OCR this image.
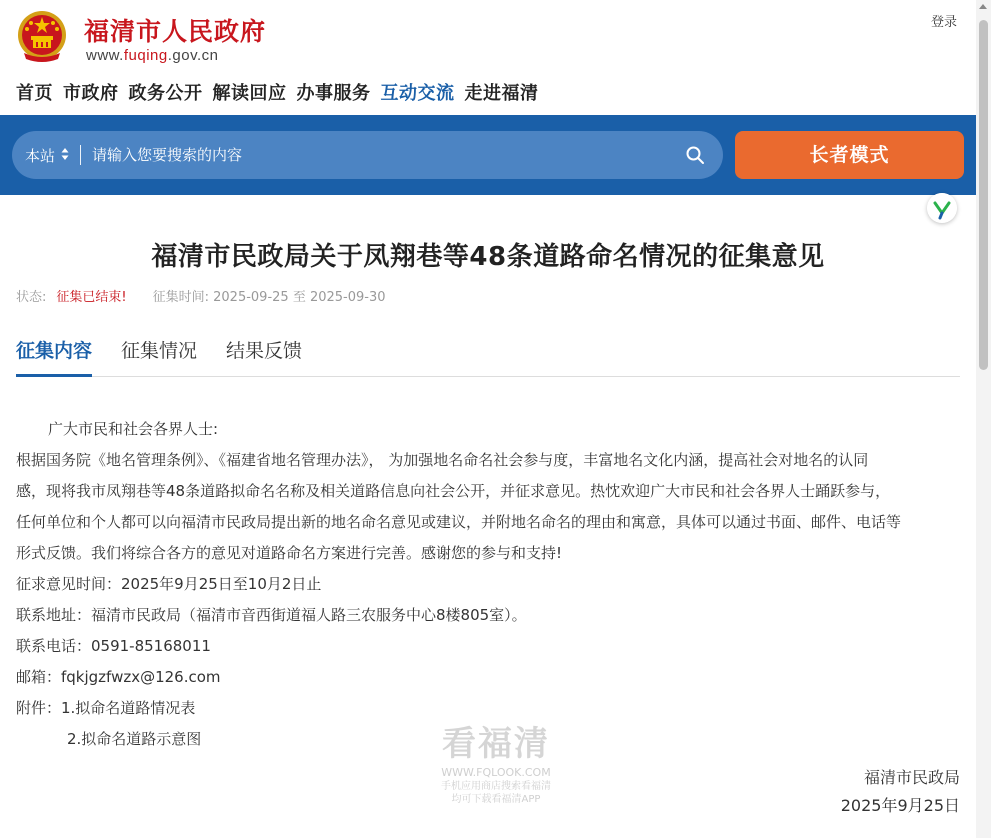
福清市人民政府
www.fuqing.gov.cn
登录
首页 市政府 政务公开 解读回应 办事服务 互动交流 走进福清
本站
请输入您要搜索的内容	长者模式
福清市民政局关于凤翔巷等48条道路命名情况的征集意见
状态: 征集已结束! 征集时间: 2025-09-25 至 2025-09-30
征集内容 征集情况 结果反馈

广大市民和社会各界人士:

根据国务院《地名管理条例》、《福建省地名管理办法》， 为加强地名命名社会参与度，丰富地名文化内涵，提高社会对地名的认同

感，现将我市凤翔巷等48条道路拟命名名称及相关道路信息向社会公开，并征求意见。热忱欢迎广大市民和社会各界人士踊跃参与，

任何单位和个人都可以向福清市民政局提出新的地名命名意见或建议，并附地名命名的理由和寓意，具体可以通过书面、邮件、电话等

形式反馈。我们将综合各方的意见对道路命名方案进行完善。感谢您的参与和支持!

征求意见时间：2025年9月25日至10月2日止

联系地址：福清市民政局（福清市音西街道福人路三农服务中心8楼805室）。

联系电话：0591-85168011

邮箱：fqkjgzfwzx@126.com

附件：1.拟命名道路情况表

2.拟命名道路示意图

福清市民政局
2025年9月25日
看福清
WWW.FQLOOK.COM
手机应用商店搜索看福清
均可下载看福清APP
